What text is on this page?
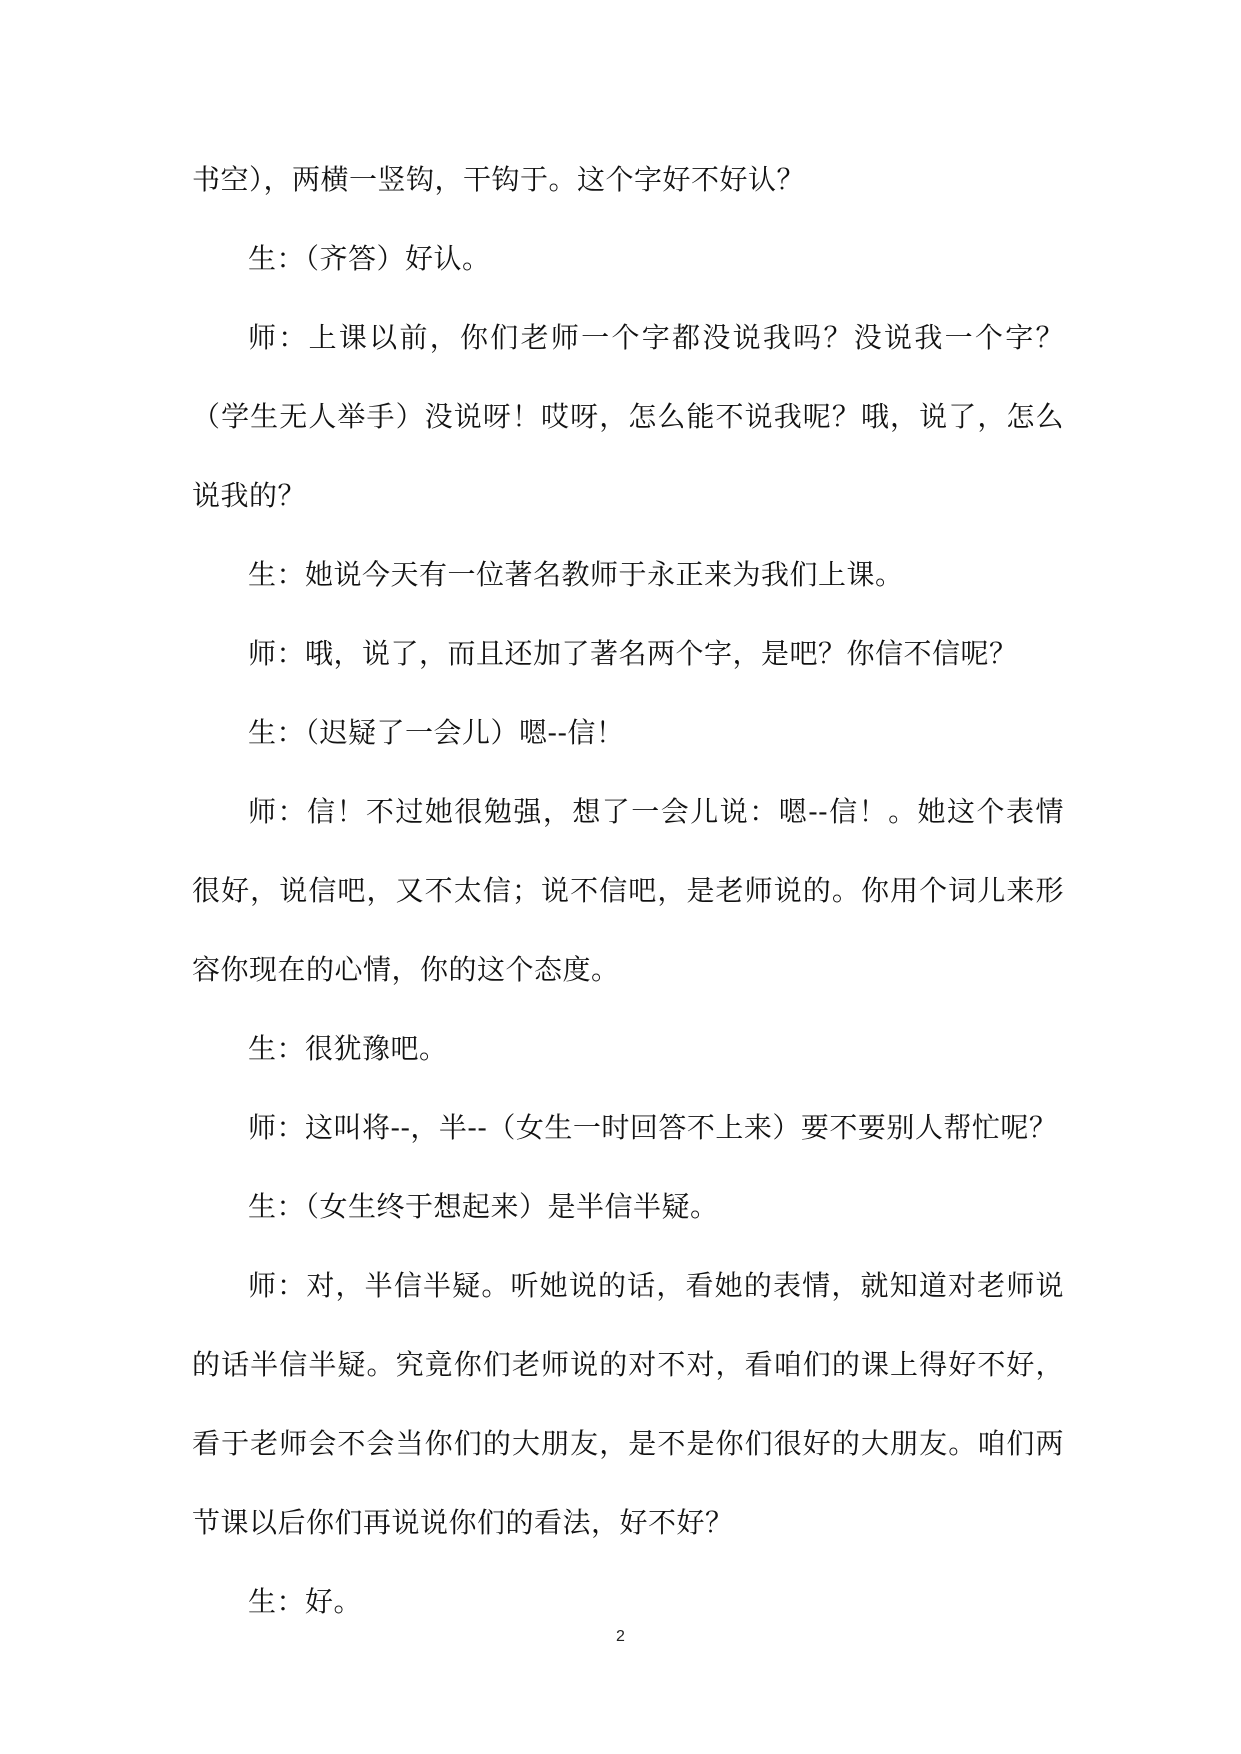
书空），两横一竖钩，干钩于。这个字好不好认？

生：（齐答）好认。

师：上课以前，你们老师一个字都没说我吗？没说我一个字？（学生无人举手）没说呀！哎呀，怎么能不说我呢？哦，说了，怎么说我的？

生：她说今天有一位著名教师于永正来为我们上课。

师：哦，说了，而且还加了著名两个字，是吧？你信不信呢？

生：（迟疑了一会儿）嗯--信！

师：信！不过她很勉强，想了一会儿说：嗯--信！。她这个表情很好，说信吧，又不太信；说不信吧，是老师说的。你用个词儿来形容你现在的心情，你的这个态度。

生：很犹豫吧。

师：这叫将--，半--（女生一时回答不上来）要不要别人帮忙呢？

生：（女生终于想起来）是半信半疑。

师：对，半信半疑。听她说的话，看她的表情，就知道对老师说的话半信半疑。究竟你们老师说的对不对，看咱们的课上得好不好，看于老师会不会当你们的大朋友，是不是你们很好的大朋友。咱们两节课以后你们再说说你们的看法，好不好？

生：好。

2
